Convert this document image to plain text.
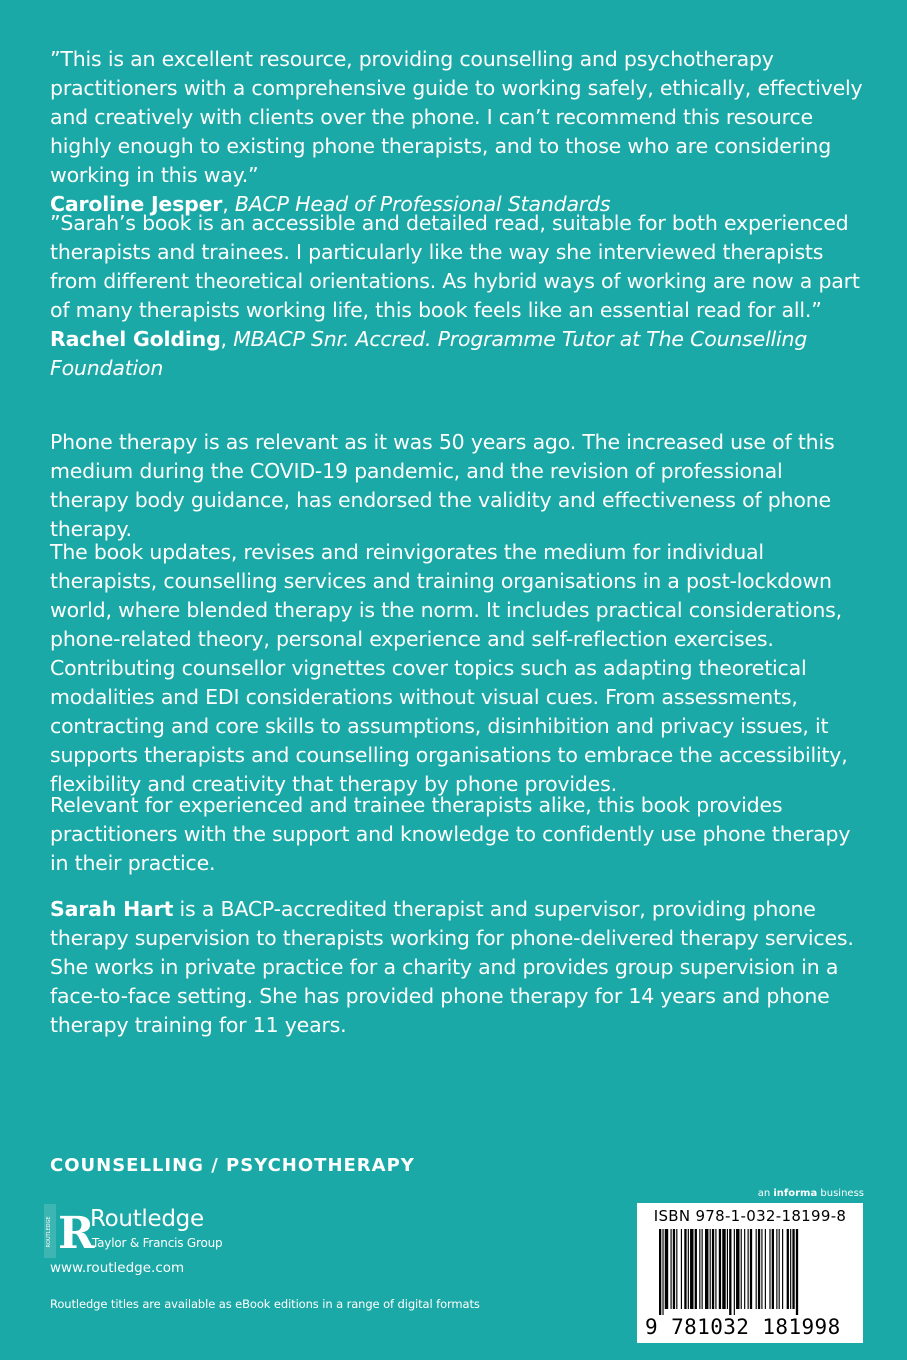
”This is an excellent resource, providing counselling and psychotherapy practitioners with a comprehensive guide to working safely, ethically, effectively and creatively with clients over the phone. I can’t recommend this resource highly enough to existing phone therapists, and to those who are considering working in this way.”

Caroline Jesper, BACP Head of Professional Standards

”Sarah’s book is an accessible and detailed read, suitable for both experienced therapists and trainees. I particularly like the way she interviewed therapists from different theoretical orientations. As hybrid ways of working are now a part of many therapists working life, this book feels like an essential read for all.”

Rachel Golding, MBACP Snr. Accred. Programme Tutor at The Counselling Foundation

Phone therapy is as relevant as it was 50 years ago. The increased use of this medium during the COVID-19 pandemic, and the revision of professional therapy body guidance, has endorsed the validity and effectiveness of phone therapy.

The book updates, revises and reinvigorates the medium for individual therapists, counselling services and training organisations in a post-lockdown world, where blended therapy is the norm. It includes practical considerations, phone-related theory, personal experience and self-reflection exercises. Contributing counsellor vignettes cover topics such as adapting theoretical modalities and EDI considerations without visual cues. From assessments, contracting and core skills to assumptions, disinhibition and privacy issues, it supports therapists and counselling organisations to embrace the accessibility, flexibility and creativity that therapy by phone provides.

Relevant for experienced and trainee therapists alike, this book provides practitioners with the support and knowledge to confidently use phone therapy in their practice.

Sarah Hart is a BACP-accredited therapist and supervisor, providing phone therapy supervision to therapists working for phone-delivered therapy services. She works in private practice for a charity and provides group supervision in a face-to-face setting. She has provided phone therapy for 14 years and phone therapy training for 11 years.

COUNSELLING / PSYCHOTHERAPY
ROUTLEDGE R
Routledge
Taylor & Francis Group
www.routledge.com
Routledge titles are available as eBook editions in a range of digital formats
an informa business
ISBN 978-1-032-18199-8
9 781032 181998
